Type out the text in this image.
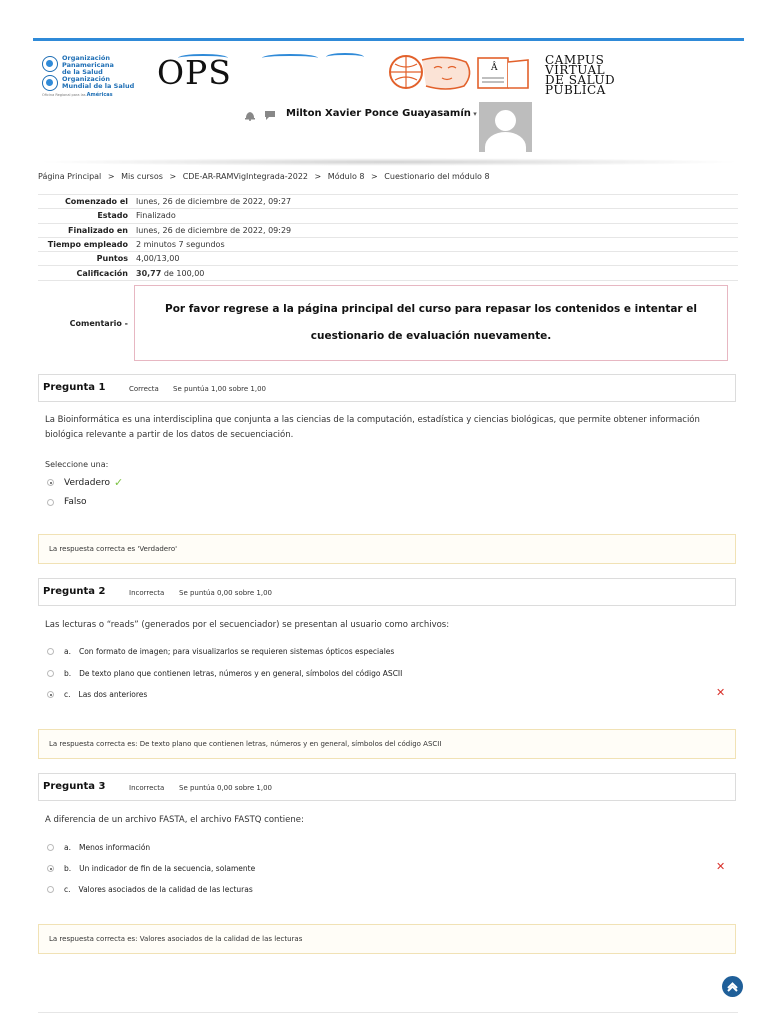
Organización
Panamericana
de la Salud
Organización
Mundial de la Salud
Oficina Regional para las Américas
OPS	Â
CAMPUS
VIRTUAL
DE SALUD
PÚBLICA
Milton Xavier Ponce Guayasamín ▾
Página Principal > Mis cursos > CDE-AR-RAMVigIntegrada-2022 > Módulo 8 > Cuestionario del módulo 8
Comenzado el	lunes, 26 de diciembre de 2022, 09:27
Estado	Finalizado
Finalizado en	lunes, 26 de diciembre de 2022, 09:29
Tiempo empleado	2 minutos 7 segundos
Puntos	4,00/13,00
Calificación	30,77 de 100,00
Comentario -
Por favor regrese a la página principal del curso para repasar los contenidos e intentar el cuestionario de evaluación nuevamente.
Pregunta 1	Correcta Se puntúa 1,00 sobre 1,00
La Bioinformática es una interdisciplina que conjunta a las ciencias de la computación, estadística y ciencias biológicas, que permite obtener información biológica relevante a partir de los datos de secuenciación.
Seleccione una:
Verdadero ✓
Falso
La respuesta correcta es 'Verdadero'
Pregunta 2	Incorrecta Se puntúa 0,00 sobre 1,00
Las lecturas o “reads” (generados por el secuenciador) se presentan al usuario como archivos:
a. Con formato de imagen; para visualizarlos se requieren sistemas ópticos especiales
b. De texto plano que contienen letras, números y en general, símbolos del código ASCII
c. Las dos anteriores	✕
La respuesta correcta es: De texto plano que contienen letras, números y en general, símbolos del código ASCII
Pregunta 3	Incorrecta Se puntúa 0,00 sobre 1,00
A diferencia de un archivo FASTA, el archivo FASTQ contiene:
a. Menos información
b. Un indicador de fin de la secuencia, solamente	✕
c. Valores asociados de la calidad de las lecturas
La respuesta correcta es: Valores asociados de la calidad de las lecturas
